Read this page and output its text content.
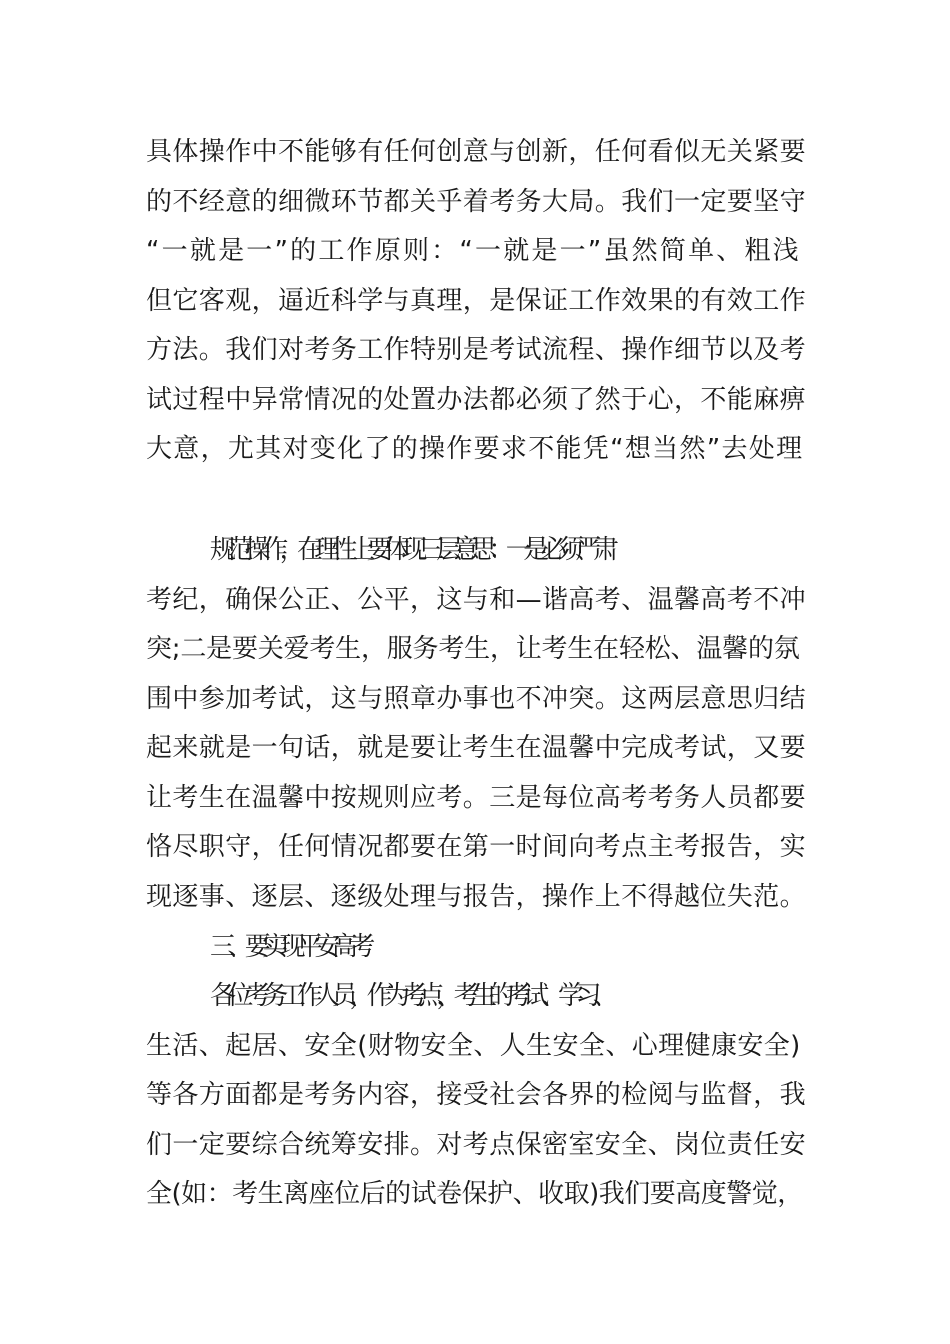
具体操作中不能够有任何创意与创新，任何看似无关紧要
的不经意的细微环节都关乎着考务大局。我们一定要坚守
“一就是一”的工作原则：“一就是一”虽然简单、粗浅
但它客观，逼近科学与真理，是保证工作效果的有效工作
方法。我们对考务工作特别是考试流程、操作细节以及考
试过程中异常情况的处置办法都必须了然于心，不能麻痹
大意，尤其对变化了的操作要求不能凭“想当然”去处理
规范操作，在理性上要体现三层意思：一是必须严肃
考纪，确保公正、公平，这与和—谐高考、温馨高考不冲
突;二是要关爱考生，服务考生，让考生在轻松、温馨的氛
围中参加考试，这与照章办事也不冲突。这两层意思归结
起来就是一句话，就是要让考生在温馨中完成考试，又要
让考生在温馨中按规则应考。三是每位高考考务人员都要
恪尽职守，任何情况都要在第一时间向考点主考报告，实
现逐事、逐层、逐级处理与报告，操作上不得越位失范。
三、要实现平安高考
各位考务工作人员，作为考点，考生的考试、学习、
生活、起居、安全(财物安全、人生安全、心理健康安全)
等各方面都是考务内容，接受社会各界的检阅与监督，我
们一定要综合统筹安排。对考点保密室安全、岗位责任安
全(如：考生离座位后的试卷保护、收取)我们要高度警觉，
